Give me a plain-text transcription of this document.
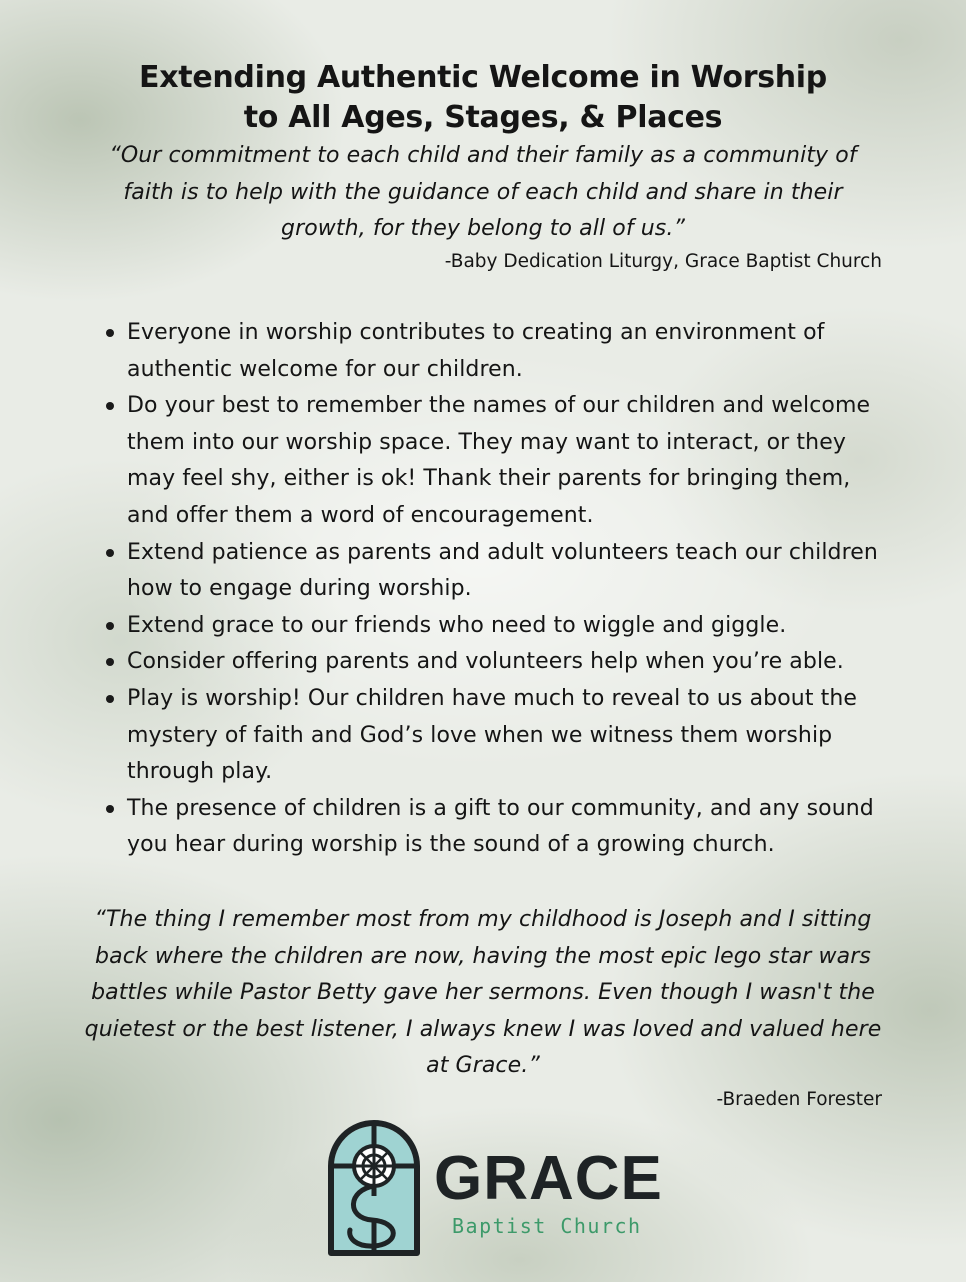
Extending Authentic Welcome in Worship
to All Ages, Stages, & Places

“Our commitment to each child and their family as a community of faith is to help with the guidance of each child and share in their growth, for they belong to all of us.”

-Baby Dedication Liturgy, Grace Baptist Church

Everyone in worship contributes to creating an environment of authentic welcome for our children.
Do your best to remember the names of our children and welcome them into our worship space. They may want to interact, or they may feel shy, either is ok! Thank their parents for bringing them, and offer them a word of encouragement.
Extend patience as parents and adult volunteers teach our children how to engage during worship.
Extend grace to our friends who need to wiggle and giggle.
Consider offering parents and volunteers help when you’re able.
Play is worship! Our children have much to reveal to us about the mystery of faith and God’s love when we witness them worship through play.
The presence of children is a gift to our community, and any sound you hear during worship is the sound of a growing church.

“The thing I remember most from my childhood is Joseph and I sitting back where the children are now, having the most epic lego star wars battles while Pastor Betty gave her sermons. Even though I wasn't the quietest or the best listener, I always knew I was loved and valued here at Grace.”

-Braeden Forester

GRACE
Baptist Church
